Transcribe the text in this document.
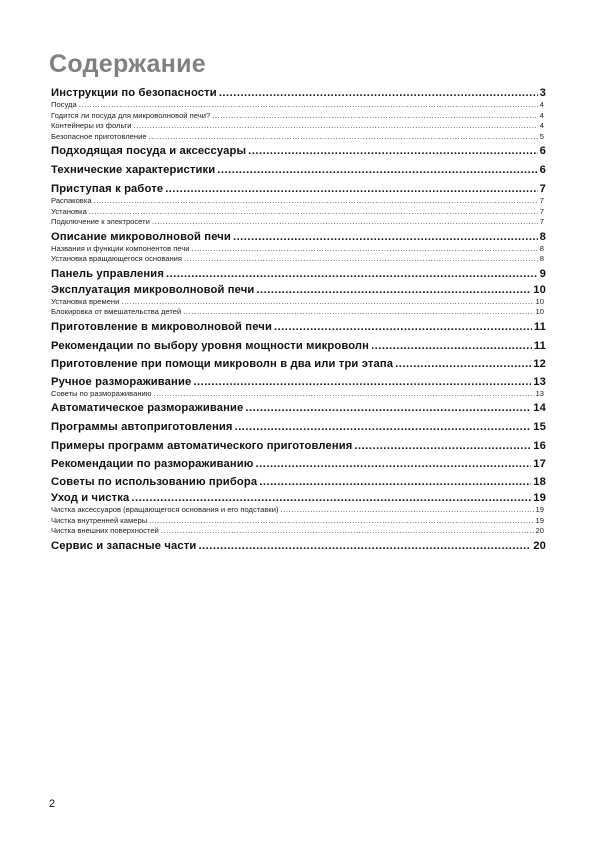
Содержание
Инструкции по безопасности .....	3
Посуда .....	4
Годится ли посуда для микроволновой печи? .....	4
Контейнеры из фольги .....	4
Безопасное приготовление .....	5
Подходящая посуда и аксессуары .....	6
Технические характеристики .....	6
Приступая к работе .....	7
Распаковка .....	7
Установка .....	7
Подключение к электросети .....	7
Описание микроволновой печи .....	8
Названия и функции компонентов печи .....	8
Установка вращающегося основания .....	8
Панель управления .....	9
Эксплуатация микроволновой печи .....	10
Установка времени .....	10
Блокировка от вмешательства детей .....	10
Приготовление в микроволновой печи .....	11
Рекомендации по выбору уровня мощности микроволн .....	11
Приготовление при помощи микроволн в два или три этапа .....	12
Ручное размораживание .....	13
Советы по размораживанию .....	13
Автоматическое размораживание .....	14
Программы автоприготовления .....	15
Примеры программ автоматического приготовления .....	16
Рекомендации по размораживанию .....	17
Советы по использованию прибора .....	18
Уход и чистка .....	19
Чистка аксессуаров (вращающегося основания и его подставки) .....	19
Чистка внутренней камеры .....	19
Чистка внешних поверхностей .....	20
Сервис и запасные части .....	20
2
